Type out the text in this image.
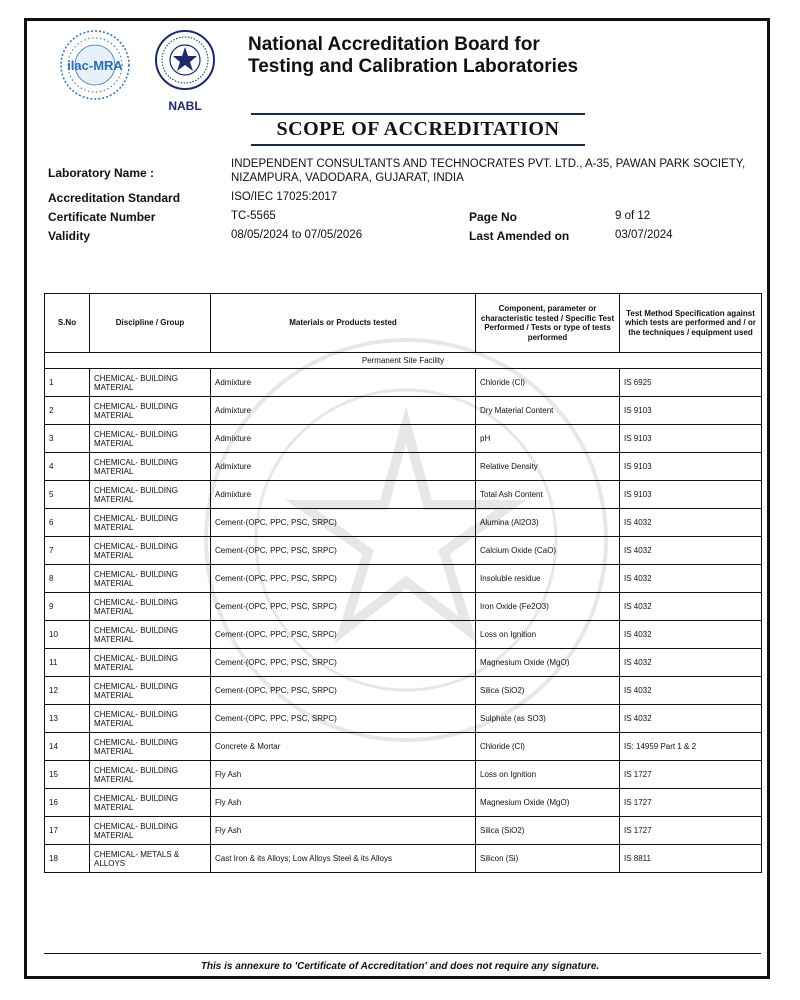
ilac-MRA
NABL
National Accreditation Board for
Testing and Calibration Laboratories
SCOPE OF ACCREDITATION
Laboratory Name :
INDEPENDENT CONSULTANTS AND TECHNOCRATES PVT. LTD., A-35, PAWAN PARK SOCIETY,
NIZAMPURA, VADODARA, GUJARAT, INDIA
Accreditation Standard	ISO/IEC 17025:2017
Certificate Number	TC-5565	Page No	9 of 12
Validity	08/05/2024 to 07/05/2026	Last Amended on	03/07/2024
S.No	Discipline / Group	Materials or Products tested	Component, parameter or characteristic tested / Specific Test Performed / Tests or type of tests performed	Test Method Specification against which tests are performed and / or the techniques / equipment used
Permanent Site Facility				
1	CHEMICAL- BUILDING MATERIAL	Admixture	Chloride (Cl)	IS 6925
2	CHEMICAL- BUILDING MATERIAL	Admixture	Dry Material Content	IS 9103
3	CHEMICAL- BUILDING MATERIAL	Admixture	pH	IS 9103
4	CHEMICAL- BUILDING MATERIAL	Admixture	Relative Density	IS 9103
5	CHEMICAL- BUILDING MATERIAL	Admixture	Total Ash Content	IS 9103
6	CHEMICAL- BUILDING MATERIAL	Cement-(OPC, PPC, PSC, SRPC)	Alumina (Al2O3)	IS 4032
7	CHEMICAL- BUILDING MATERIAL	Cement-(OPC, PPC, PSC, SRPC)	Calcium Oxide (CaO)	IS 4032
8	CHEMICAL- BUILDING MATERIAL	Cement-(OPC, PPC, PSC, SRPC)	Insoluble residue	IS 4032
9	CHEMICAL- BUILDING MATERIAL	Cement-(OPC, PPC, PSC, SRPC)	Iron Oxide (Fe2O3)	IS 4032
10	CHEMICAL- BUILDING MATERIAL	Cement-(OPC, PPC, PSC, SRPC)	Loss on Ignition	IS 4032
11	CHEMICAL- BUILDING MATERIAL	Cement-(OPC, PPC, PSC, SRPC)	Magnesium Oxide (MgO)	IS 4032
12	CHEMICAL- BUILDING MATERIAL	Cement-(OPC, PPC, PSC, SRPC)	Silica (SiO2)	IS 4032
13	CHEMICAL- BUILDING MATERIAL	Cement-(OPC, PPC, PSC, SRPC)	Sulphate (as SO3)	IS 4032
14	CHEMICAL- BUILDING MATERIAL	Concrete & Mortar	Chloride (Cl)	IS: 14959 Part 1 & 2
15	CHEMICAL- BUILDING MATERIAL	Fly Ash	Loss on Ignition	IS 1727
16	CHEMICAL- BUILDING MATERIAL	Fly Ash	Magnesium Oxide (MgO)	IS 1727
17	CHEMICAL- BUILDING MATERIAL	Fly Ash	Silica (SiO2)	IS 1727
18	CHEMICAL- METALS & ALLOYS	Cast Iron & its Alloys; Low Alloys Steel & its Alloys	Silicon (Si)	IS 8811
This is annexure to 'Certificate of Accreditation' and does not require any signature.
